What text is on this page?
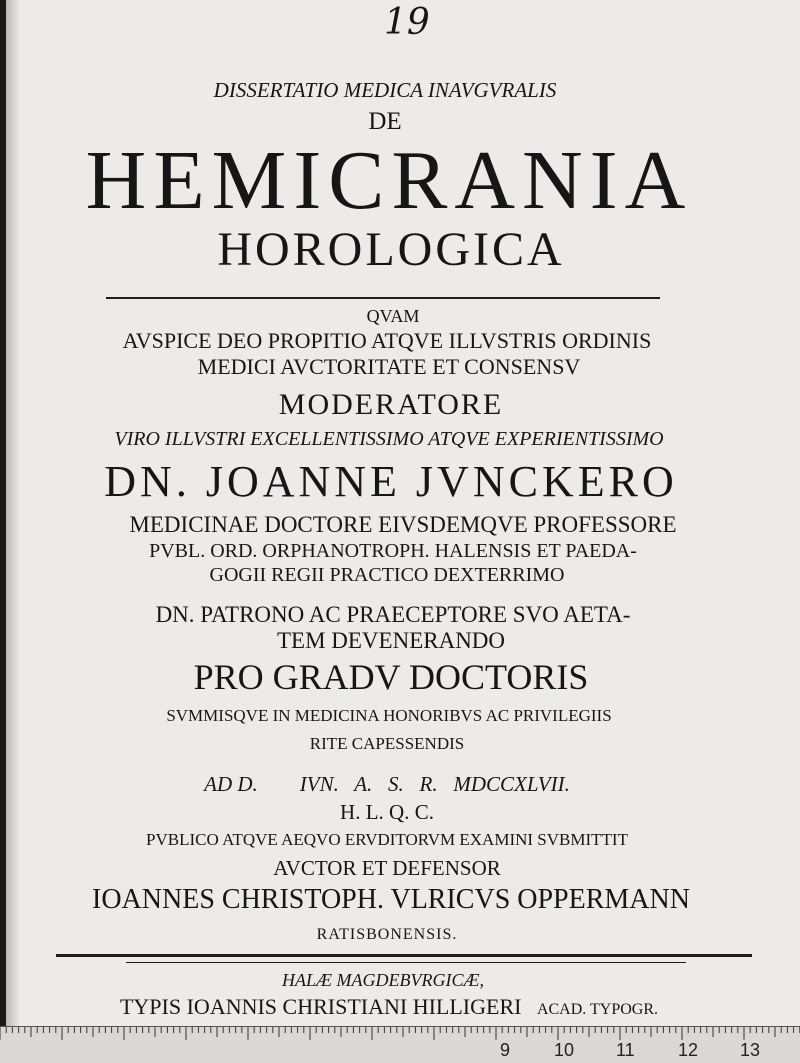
19
DISSERTATIO MEDICA INAVGVRALIS
DE
HEMICRANIA
HOROLOGICA
QVAM
AVSPICE DEO PROPITIO ATQVE ILLVSTRIS ORDINIS
MEDICI AVCTORITATE ET CONSENSV
MODERATORE
VIRO ILLVSTRI EXCELLENTISSIMO ATQVE EXPERIENTISSIMO
DN. JOANNE JVNCKERO
MEDICINAE DOCTORE EIVSDEMQVE PROFESSORE
PVBL. ORD. ORPHANOTROPH. HALENSIS ET PAEDA-
GOGII REGII PRACTICO DEXTERRIMO
DN. PATRONO AC PRAECEPTORE SVO AETA-
TEM DEVENERANDO
PRO GRADV DOCTORIS
SVMMISQVE IN MEDICINA HONORIBVS AC PRIVILEGIIS
RITE CAPESSENDIS
AD D.        IVN.   A.   S.   R.   MDCCXLVII.
H. L. Q. C.
PVBLICO ATQVE AEQVO ERVDITORVM EXAMINI SVBMITTIT
AVCTOR ET DEFENSOR
IOANNES CHRISTOPH. VLRICVS OPPERMANN
RATISBONENSIS.
HALÆ MAGDEBVRGICÆ,
TYPIS IOANNIS CHRISTIANI HILLIGERI ACAD. TYPOGR.
9 10 11 12 13
